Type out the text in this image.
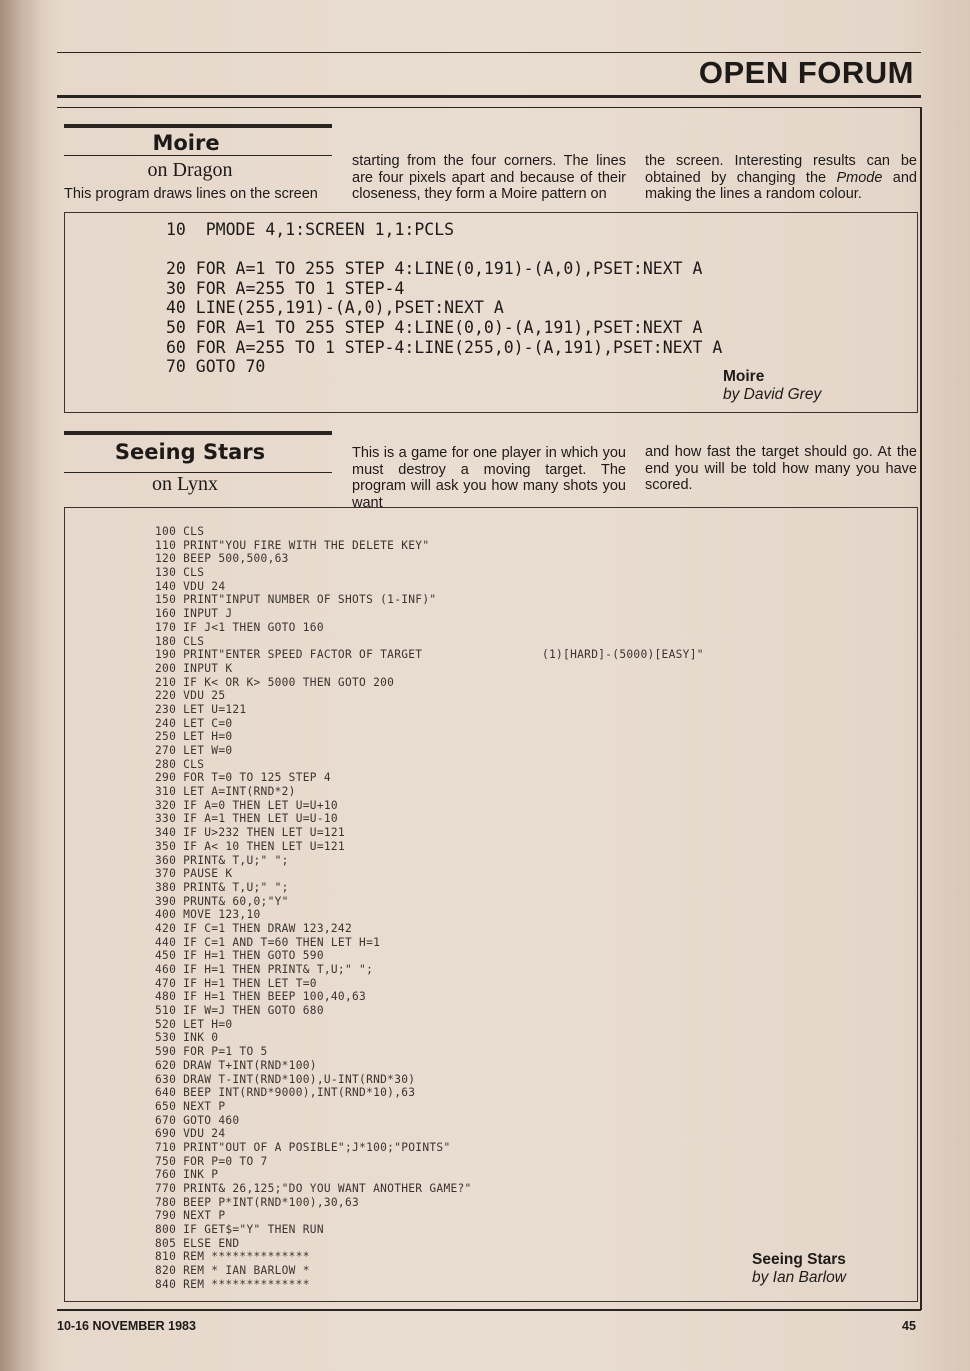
OPEN FORUM
Moire
on Dragon
This program draws lines on the screen
starting from the four corners. The lines are four pixels apart and because of their closeness, they form a Moire pattern on
the screen. Interesting results can be obtained by changing the Pmode and making the lines a random colour.
10  PMODE 4,1:SCREEN 1,1:PCLS
20 FOR A=1 TO 255 STEP 4:LINE(0,191)-(A,0),PSET:NEXT A
30 FOR A=255 TO 1 STEP-4
40 LINE(255,191)-(A,0),PSET:NEXT A
50 FOR A=1 TO 255 STEP 4:LINE(0,0)-(A,191),PSET:NEXT A
60 FOR A=255 TO 1 STEP-4:LINE(255,0)-(A,191),PSET:NEXT A
70 GOTO 70
Moire
by David Grey
Seeing Stars
on Lynx
This is a game for one player in which you must destroy a moving target. The program will ask you how many shots you want
and how fast the target should go. At the end you will be told how many you have scored.
100 CLS
110 PRINT"YOU FIRE WITH THE DELETE KEY"
120 BEEP 500,500,63
130 CLS
140 VDU 24
150 PRINT"INPUT NUMBER OF SHOTS (1-INF)"
160 INPUT J
170 IF J<1 THEN GOTO 160
180 CLS
190 PRINT"ENTER SPEED FACTOR OF TARGET                 (1)[HARD]-(5000)[EASY]"
200 INPUT K
210 IF K< OR K> 5000 THEN GOTO 200
220 VDU 25
230 LET U=121
240 LET C=0
250 LET H=0
270 LET W=0
280 CLS
290 FOR T=0 TO 125 STEP 4
310 LET A=INT(RND*2)
320 IF A=0 THEN LET U=U+10
330 IF A=1 THEN LET U=U-10
340 IF U>232 THEN LET U=121
350 IF A< 10 THEN LET U=121
360 PRINT& T,U;" ";
370 PAUSE K
380 PRINT& T,U;" ";
390 PRUNT& 60,0;"Y"
400 MOVE 123,10
420 IF C=1 THEN DRAW 123,242
440 IF C=1 AND T=60 THEN LET H=1
450 IF H=1 THEN GOTO 590
460 IF H=1 THEN PRINT& T,U;" ";
470 IF H=1 THEN LET T=0
480 IF H=1 THEN BEEP 100,40,63
510 IF W=J THEN GOTO 680
520 LET H=0
530 INK 0
590 FOR P=1 TO 5
620 DRAW T+INT(RND*100)
630 DRAW T-INT(RND*100),U-INT(RND*30)
640 BEEP INT(RND*9000),INT(RND*10),63
650 NEXT P
670 GOTO 460
690 VDU 24
710 PRINT"OUT OF A POSIBLE";J*100;"POINTS"
750 FOR P=0 TO 7
760 INK P
770 PRINT& 26,125;"DO YOU WANT ANOTHER GAME?"
780 BEEP P*INT(RND*100),30,63
790 NEXT P
800 IF GET$="Y" THEN RUN
805 ELSE END
810 REM **************
820 REM * IAN BARLOW *
840 REM **************
Seeing Stars
by Ian Barlow
10-16 NOVEMBER 1983	45
